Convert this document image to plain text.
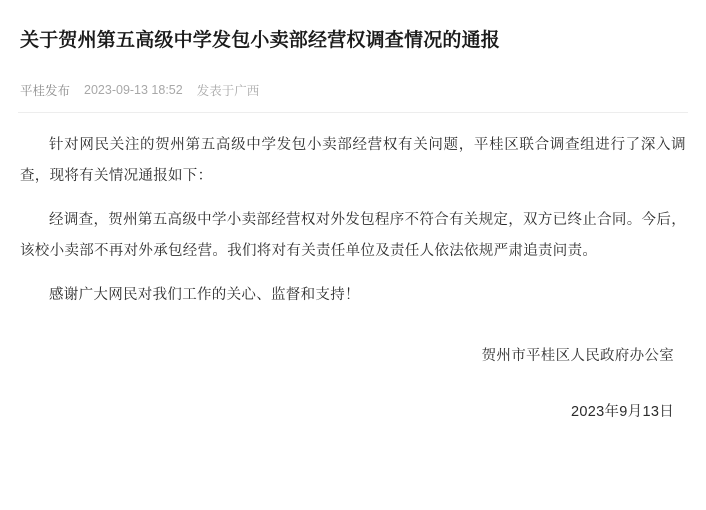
关于贺州第五高级中学发包小卖部经营权调查情况的通报
平桂发布 2023-09-13 18:52 发表于广西

针对网民关注的贺州第五高级中学发包小卖部经营权有关问题，平桂区联合调查组进行了深入调查，现将有关情况通报如下：

经调查，贺州第五高级中学小卖部经营权对外发包程序不符合有关规定，双方已终止合同。今后，该校小卖部不再对外承包经营。我们将对有关责任单位及责任人依法依规严肃追责问责。

感谢广大网民对我们工作的关心、监督和支持！

贺州市平桂区人民政府办公室
2023年9月13日
